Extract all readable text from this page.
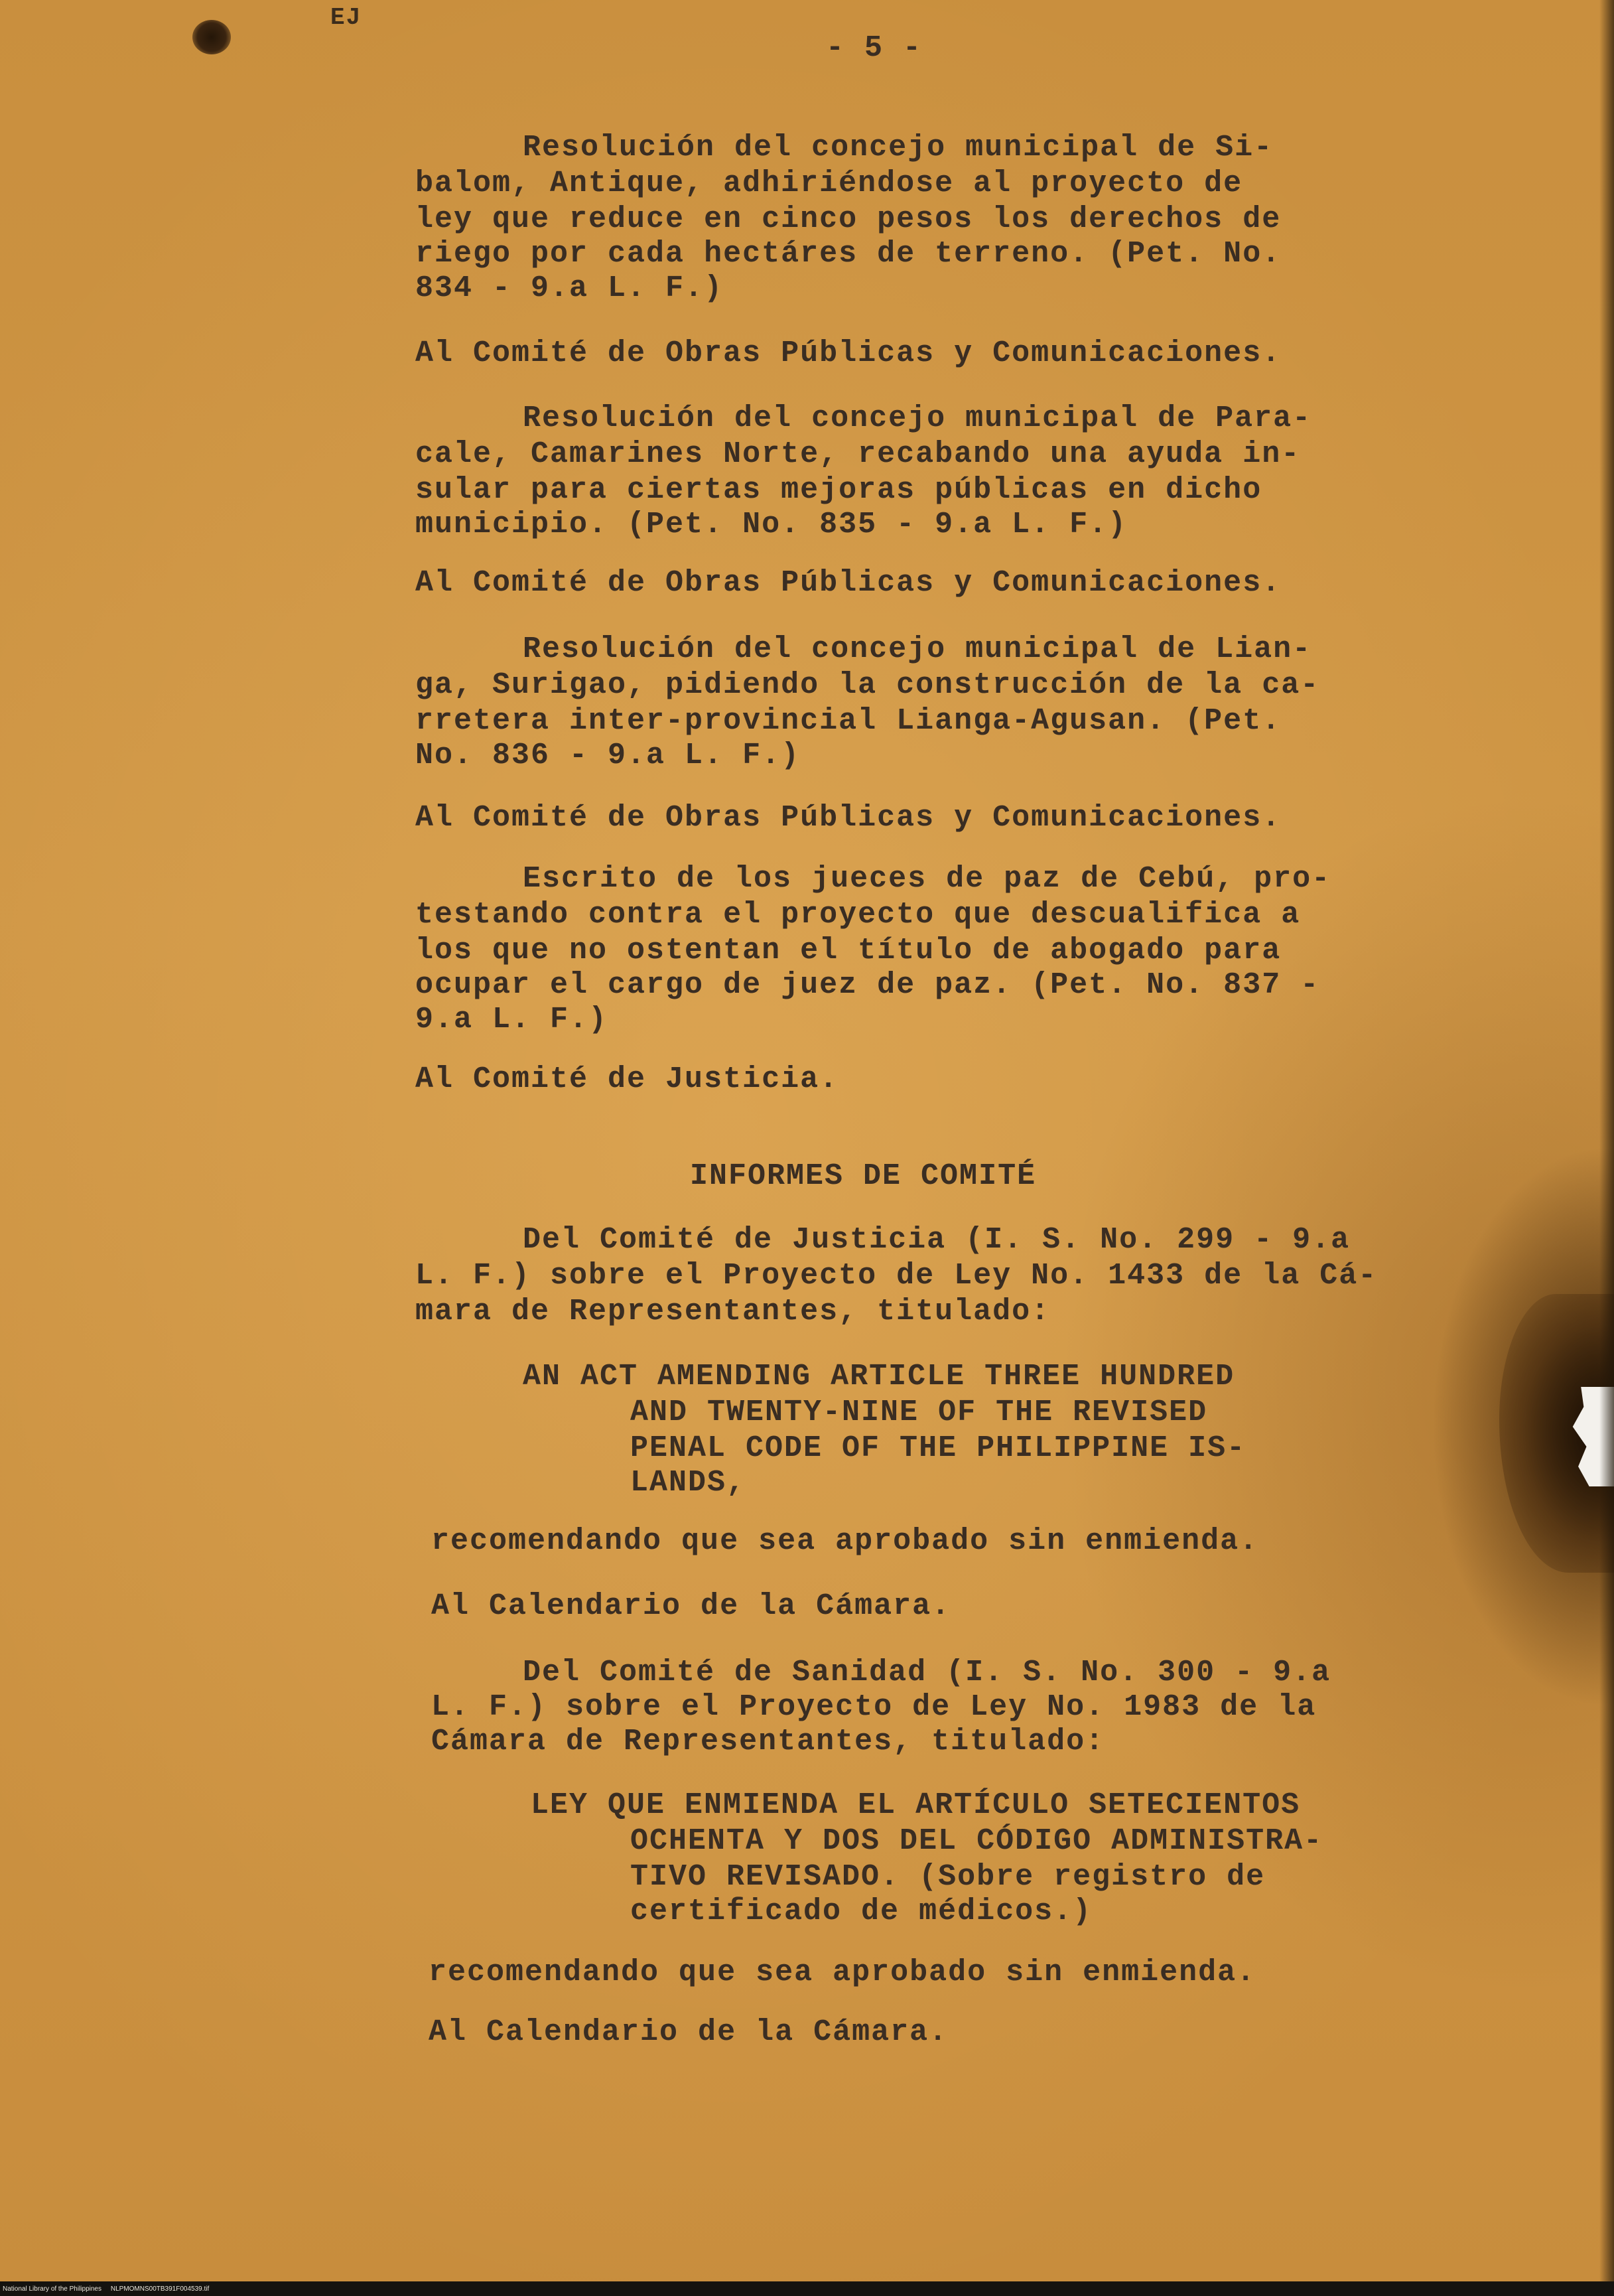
EJ
- 5 -
Resolución del concejo municipal de Si-
balom, Antique, adhiriéndose al proyecto de
ley que reduce en cinco pesos los derechos de
riego por cada hectáres de terreno. (Pet. No.
834 - 9.a L. F.)
Al Comité de Obras Públicas y Comunicaciones.
Resolución del concejo municipal de Para-
cale, Camarines Norte, recabando una ayuda in-
sular para ciertas mejoras públicas en dicho
municipio. (Pet. No. 835 - 9.a L. F.)
Al Comité de Obras Públicas y Comunicaciones.
Resolución del concejo municipal de Lian-
ga, Surigao, pidiendo la construcción de la ca-
rretera inter-provincial Lianga-Agusan. (Pet.
No. 836 - 9.a L. F.)
Al Comité de Obras Públicas y Comunicaciones.
Escrito de los jueces de paz de Cebú, pro-
testando contra el proyecto que descualifica a
los que no ostentan el título de abogado para
ocupar el cargo de juez de paz. (Pet. No. 837 -
9.a L. F.)
Al Comité de Justicia.
INFORMES DE COMITÉ
Del Comité de Justicia (I. S. No. 299 - 9.a
L. F.) sobre el Proyecto de Ley No. 1433 de la Cá-
mara de Representantes, titulado:
AN ACT AMENDING ARTICLE THREE HUNDRED
AND TWENTY-NINE OF THE REVISED
PENAL CODE OF THE PHILIPPINE IS-
LANDS,
recomendando que sea aprobado sin enmienda.
Al Calendario de la Cámara.
Del Comité de Sanidad (I. S. No. 300 - 9.a
L. F.) sobre el Proyecto de Ley No. 1983 de la
Cámara de Representantes, titulado:
LEY QUE ENMIENDA EL ARTÍCULO SETECIENTOS
OCHENTA Y DOS DEL CÓDIGO ADMINISTRA-
TIVO REVISADO. (Sobre registro de
certificado de médicos.)
recomendando que sea aprobado sin enmienda.
Al Calendario de la Cámara.
National Library of the Philippines     NLPMOMNS00TB391F004539.tif
